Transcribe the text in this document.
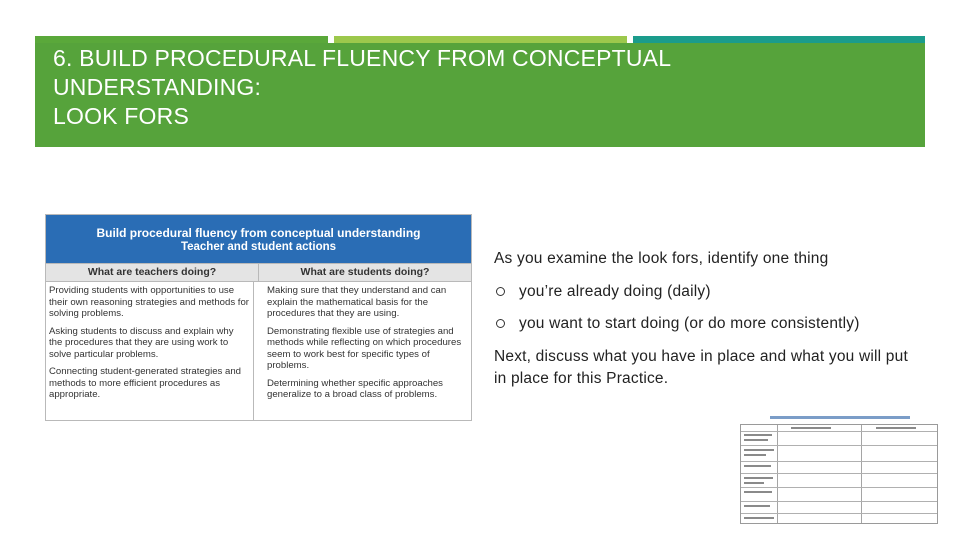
6. BUILD PROCEDURAL FLUENCY FROM CONCEPTUAL
UNDERSTANDING:
LOOK FORS
Build procedural fluency from conceptual understanding
Teacher and student actions
What are teachers doing?	What are students doing?

Providing students with opportunities to use their own reasoning strategies and methods for solving problems.

Asking students to discuss and explain why the procedures that they are using work to solve particular problems.

Connecting student-generated strategies and methods to more efficient procedures as appropriate.

Making sure that they understand and can explain the mathematical basis for the procedures that they are using.

Demonstrating flexible use of strategies and methods while reflecting on which procedures seem to work best for specific types of problems.

Determining whether specific approaches generalize to a broad class of problems.

As you examine the look fors, identify one thing

you’re already doing (daily)
you want to start doing (or do more consistently)

Next, discuss what you have in place and what you will put in place for this Practice.
